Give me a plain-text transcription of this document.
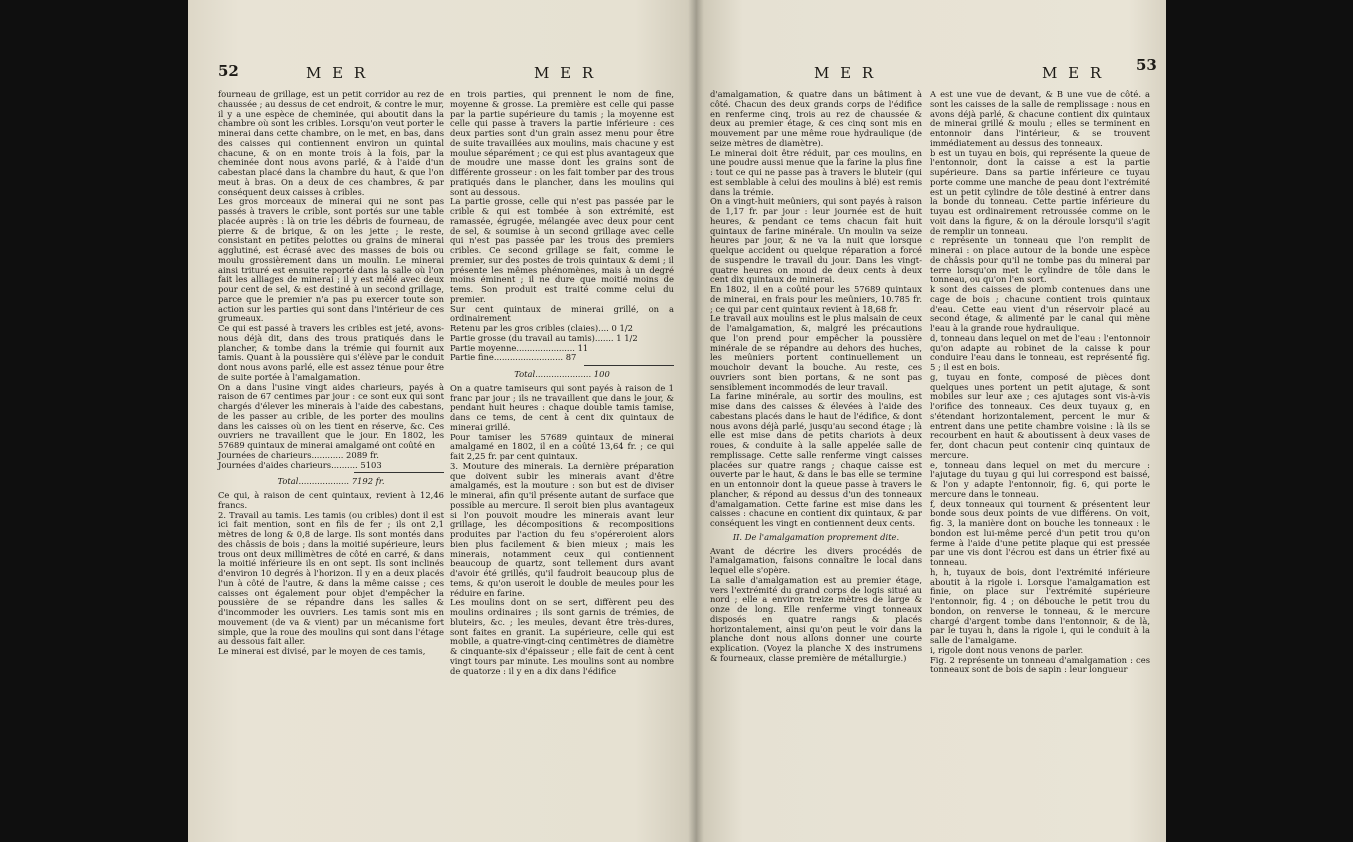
52	M E R	M E R

fourneau de grillage, est un petit corridor au rez de chaussée ; au dessus de cet endroit, & contre le mur, il y a une espèce de cheminée, qui aboutit dans la chambre où sont les cribles. Lorsqu'on veut porter le minerai dans cette chambre, on le met, en bas, dans des caisses qui contiennent environ un quintal chacune, & on en monte trois à la fois, par la cheminée dont nous avons parlé, & à l'aide d'un cabestan placé dans la chambre du haut, & que l'on meut à bras. On a deux de ces chambres, & par conséquent deux caisses à cribles.

Les gros morceaux de minerai qui ne sont pas passés à travers le crible, sont portés sur une table placée auprès : là on trie les débris de fourneau, de pierre & de brique, & on les jette ; le reste, consistant en petites pelottes ou grains de minerai agglutiné, est écrasé avec des masses de bois ou moulu grossièrement dans un moulin. Le minerai ainsi trituré est ensuite reporté dans la salle où l'on fait les alliages de minerai ; il y est mêlé avec deux pour cent de sel, & est destiné à un second grillage, parce que le premier n'a pas pu exercer toute son action sur les parties qui sont dans l'intérieur de ces grumeaux.

Ce qui est passé à travers les cribles est jeté, avons-nous déjà dit, dans des trous pratiqués dans le plancher, & tombe dans la trémie qui fournit aux tamis. Quant à la poussière qui s'élève par le conduit dont nous avons parlé, elle est assez ténue pour être de suite portée à l'amalgamation.

On a dans l'usine vingt aides charieurs, payés à raison de 67 centimes par jour : ce sont eux qui sont chargés d'élever les minerais à l'aide des cabestans, de les passer au crible, de les porter des moulins dans les caisses où on les tient en réserve, &c. Ces ouvriers ne travaillent que le jour. En 1802, les 57689 quintaux de minerai amalgamé ont coûté en

Journées de charieurs............ 2089 fr.

Journées d'aides charieurs.......... 5103

Total................... 7192 fr.

Ce qui, à raison de cent quintaux, revient à 12,46 francs.

2. Travail au tamis. Les tamis (ou cribles) dont il est ici fait mention, sont en fils de fer ; ils ont 2,1 mètres de long & 0,8 de large. Ils sont montés dans des châssis de bois ; dans la moitié supérieure, leurs trous ont deux millimètres de côté en carré, & dans la moitié inférieure ils en ont sept. Ils sont inclinés d'environ 10 degrés à l'horizon. Il y en a deux placés l'un à côté de l'autre, & dans la même caisse ; ces caisses ont également pour objet d'empêcher la poussière de se répandre dans les salles & d'incommoder les ouvriers. Les tamis sont mis en mouvement (de va & vient) par un mécanisme fort simple, que la roue des moulins qui sont dans l'étage au dessous fait aller.

Le minerai est divisé, par le moyen de ces tamis,

en trois parties, qui prennent le nom de fine, moyenne & grosse. La première est celle qui passe par la partie supérieure du tamis ; la moyenne est celle qui passe à travers la partie inférieure : ces deux parties sont d'un grain assez menu pour être de suite travaillées aux moulins, mais chacune y est moulue séparément ; ce qui est plus avantageux que de moudre une masse dont les grains sont de différente grosseur : on les fait tomber par des trous pratiqués dans le plancher, dans les moulins qui sont au dessous.

La partie grosse, celle qui n'est pas passée par le crible & qui est tombée à son extrémité, est ramassée, égrugée, mélangée avec deux pour cent de sel, & soumise à un second grillage avec celle qui n'est pas passée par les trous des premiers cribles. Ce second grillage se fait, comme le premier, sur des postes de trois quintaux & demi ; il présente les mêmes phénomènes, mais à un degré moins éminent ; il ne dure que moitié moins de tems. Son produit est traité comme celui du premier.

Sur cent quintaux de minerai grillé, on a ordinairement

Retenu par les gros cribles (claies).... 0 1/2

Partie grosse (du travail au tamis)....... 1 1/2

Partie moyenne...................... 11

Partie fine.......................... 87

Total..................... 100

On a quatre tamiseurs qui sont payés à raison de 1 franc par jour ; ils ne travaillent que dans le jour, & pendant huit heures : chaque double tamis tamise, dans ce tems, de cent à cent dix quintaux de minerai grillé.

Pour tamiser les 57689 quintaux de minerai amalgamé en 1802, il en a coûté 13,64 fr. ; ce qui fait 2,25 fr. par cent quintaux.

3. Mouture des minerais. La dernière préparation que doivent subir les minerais avant d'être amalgamés, est la mouture : son but est de diviser le minerai, afin qu'il présente autant de surface que possible au mercure. Il seroit bien plus avantageux si l'on pouvoit moudre les minerais avant leur grillage, les décompositions & recompositions produites par l'action du feu s'opéreroient alors bien plus facilement & bien mieux ; mais les minerais, notamment ceux qui contiennent beaucoup de quartz, sont tellement durs avant d'avoir été grillés, qu'il faudroit beaucoup plus de tems, & qu'on useroit le double de meules pour les réduire en farine.

Les moulins dont on se sert, diffèrent peu des moulins ordinaires ; ils sont garnis de trémies, de bluteirs, &c. ; les meules, devant être très-dures, sont faites en granit. La supérieure, celle qui est mobile, a quatre-vingt-cinq centimètres de diamètre & cinquante-six d'épaisseur ; elle fait de cent à cent vingt tours par minute. Les moulins sont au nombre de quatorze : il y en a dix dans l'édifice

M E R	M E R 53

d'amalgamation, & quatre dans un bâtiment à côté. Chacun des deux grands corps de l'édifice en renferme cinq, trois au rez de chaussée & deux au premier étage, & ces cinq sont mis en mouvement par une même roue hydraulique (de seize mètres de diamètre).

Le minerai doit être réduit, par ces moulins, en une poudre aussi menue que la farine la plus fine : tout ce qui ne passe pas à travers le bluteir (qui est semblable à celui des moulins à blé) est remis dans la trémie.

On a vingt-huit meûniers, qui sont payés à raison de 1,17 fr. par jour : leur journée est de huit heures, & pendant ce tems chacun fait huit quintaux de farine minérale. Un moulin va seize heures par jour, & ne va la nuit que lorsque quelque accident ou quelque réparation a forcé de suspendre le travail du jour. Dans les vingt-quatre heures on moud de deux cents à deux cent dix quintaux de minerai.

En 1802, il en a coûté pour les 57689 quintaux de minerai, en frais pour les meûniers, 10.785 fr. ; ce qui par cent quintaux revient à 18,68 fr.

Le travail aux moulins est le plus malsain de ceux de l'amalgamation, &, malgré les précautions que l'on prend pour empêcher la poussière minérale de se répandre au dehors des huches, les meûniers portent continuellement un mouchoir devant la bouche. Au reste, ces ouvriers sont bien portans, & ne sont pas sensiblement incommodés de leur travail.

La farine minérale, au sortir des moulins, est mise dans des caisses & élevées à l'aide des cabestans placés dans le haut de l'édifice, & dont nous avons déjà parlé, jusqu'au second étage ; là elle est mise dans de petits chariots à deux roues, & conduite à la salle appelée salle de remplissage. Cette salle renferme vingt caisses placées sur quatre rangs ; chaque caisse est ouverte par le haut, & dans le bas elle se termine en un entonnoir dont la queue passe à travers le plancher, & répond au dessus d'un des tonneaux d'amalgamation. Cette farine est mise dans les caisses : chacune en contient dix quintaux, & par conséquent les vingt en contiennent deux cents.

II. De l'amalgamation proprement dite.

Avant de décrire les divers procédés de l'amalgamation, faisons connaître le local dans lequel elle s'opère.

La salle d'amalgamation est au premier étage, vers l'extrémité du grand corps de logis situé au nord ; elle a environ treize mètres de large & onze de long. Elle renferme vingt tonneaux disposés en quatre rangs & placés horizontalement, ainsi qu'on peut le voir dans la planche dont nous allons donner une courte explication. (Voyez la planche X des instrumens & fourneaux, classe première de métallurgie.)

A est une vue de devant, & B une vue de côté. a sont les caisses de la salle de remplissage : nous en avons déjà parlé, & chacune contient dix quintaux de minerai grillé & moulu ; elles se terminent en entonnoir dans l'intérieur, & se trouvent immédiatement au dessus des tonneaux.

b est un tuyau en bois, qui représente la queue de l'entonnoir, dont la caisse a est la partie supérieure. Dans sa partie inférieure ce tuyau porte comme une manche de peau dont l'extrémité est un petit cylindre de tôle destiné à entrer dans la bonde du tonneau. Cette partie inférieure du tuyau est ordinairement retroussée comme on le voit dans la figure, & on la déroule lorsqu'il s'agit de remplir un tonneau.

c représente un tonneau que l'on remplit de minerai : on place autour de la bonde une espèce de châssis pour qu'il ne tombe pas du minerai par terre lorsqu'on met le cylindre de tôle dans le tonneau, ou qu'on l'en sort.

k sont des caisses de plomb contenues dans une cage de bois ; chacune contient trois quintaux d'eau. Cette eau vient d'un réservoir placé au second étage, & alimenté par le canal qui mène l'eau à la grande roue hydraulique.

d, tonneau dans lequel on met de l'eau : l'entonnoir qu'on adapte au robinet de la caisse k pour conduire l'eau dans le tonneau, est représenté fig. 5 ; il est en bois.

g, tuyau en fonte, composé de pièces dont quelques unes portent un petit ajutage, & sont mobiles sur leur axe ; ces ajutages sont vis-à-vis l'orifice des tonneaux. Ces deux tuyaux g, en s'étendant horizontalement, percent le mur & entrent dans une petite chambre voisine : là ils se recourbent en haut & aboutissent à deux vases de fer, dont chacun peut contenir cinq quintaux de mercure.

e, tonneau dans lequel on met du mercure : l'ajutage du tuyau g qui lui correspond est baissé, & l'on y adapte l'entonnoir, fig. 6, qui porte le mercure dans le tonneau.

f, deux tonneaux qui tournent & présentent leur bonde sous deux points de vue différens. On voit, fig. 3, la manière dont on bouche les tonneaux : le bondon est lui-même percé d'un petit trou qu'on ferme à l'aide d'une petite plaque qui est pressée par une vis dont l'écrou est dans un étrier fixé au tonneau.

h, h, tuyaux de bois, dont l'extrémité inférieure aboutit à la rigole i. Lorsque l'amalgamation est finie, on place sur l'extrémité supérieure l'entonnoir, fig. 4 ; on débouche le petit trou du bondon, on renverse le tonneau, & le mercure chargé d'argent tombe dans l'entonnoir, & de là, par le tuyau h, dans la rigole i, qui le conduit à la salle de l'amalgame.

i, rigole dont nous venons de parler.

Fig. 2 représente un tonneau d'amalgamation : ces tonneaux sont de bois de sapin : leur longueur
